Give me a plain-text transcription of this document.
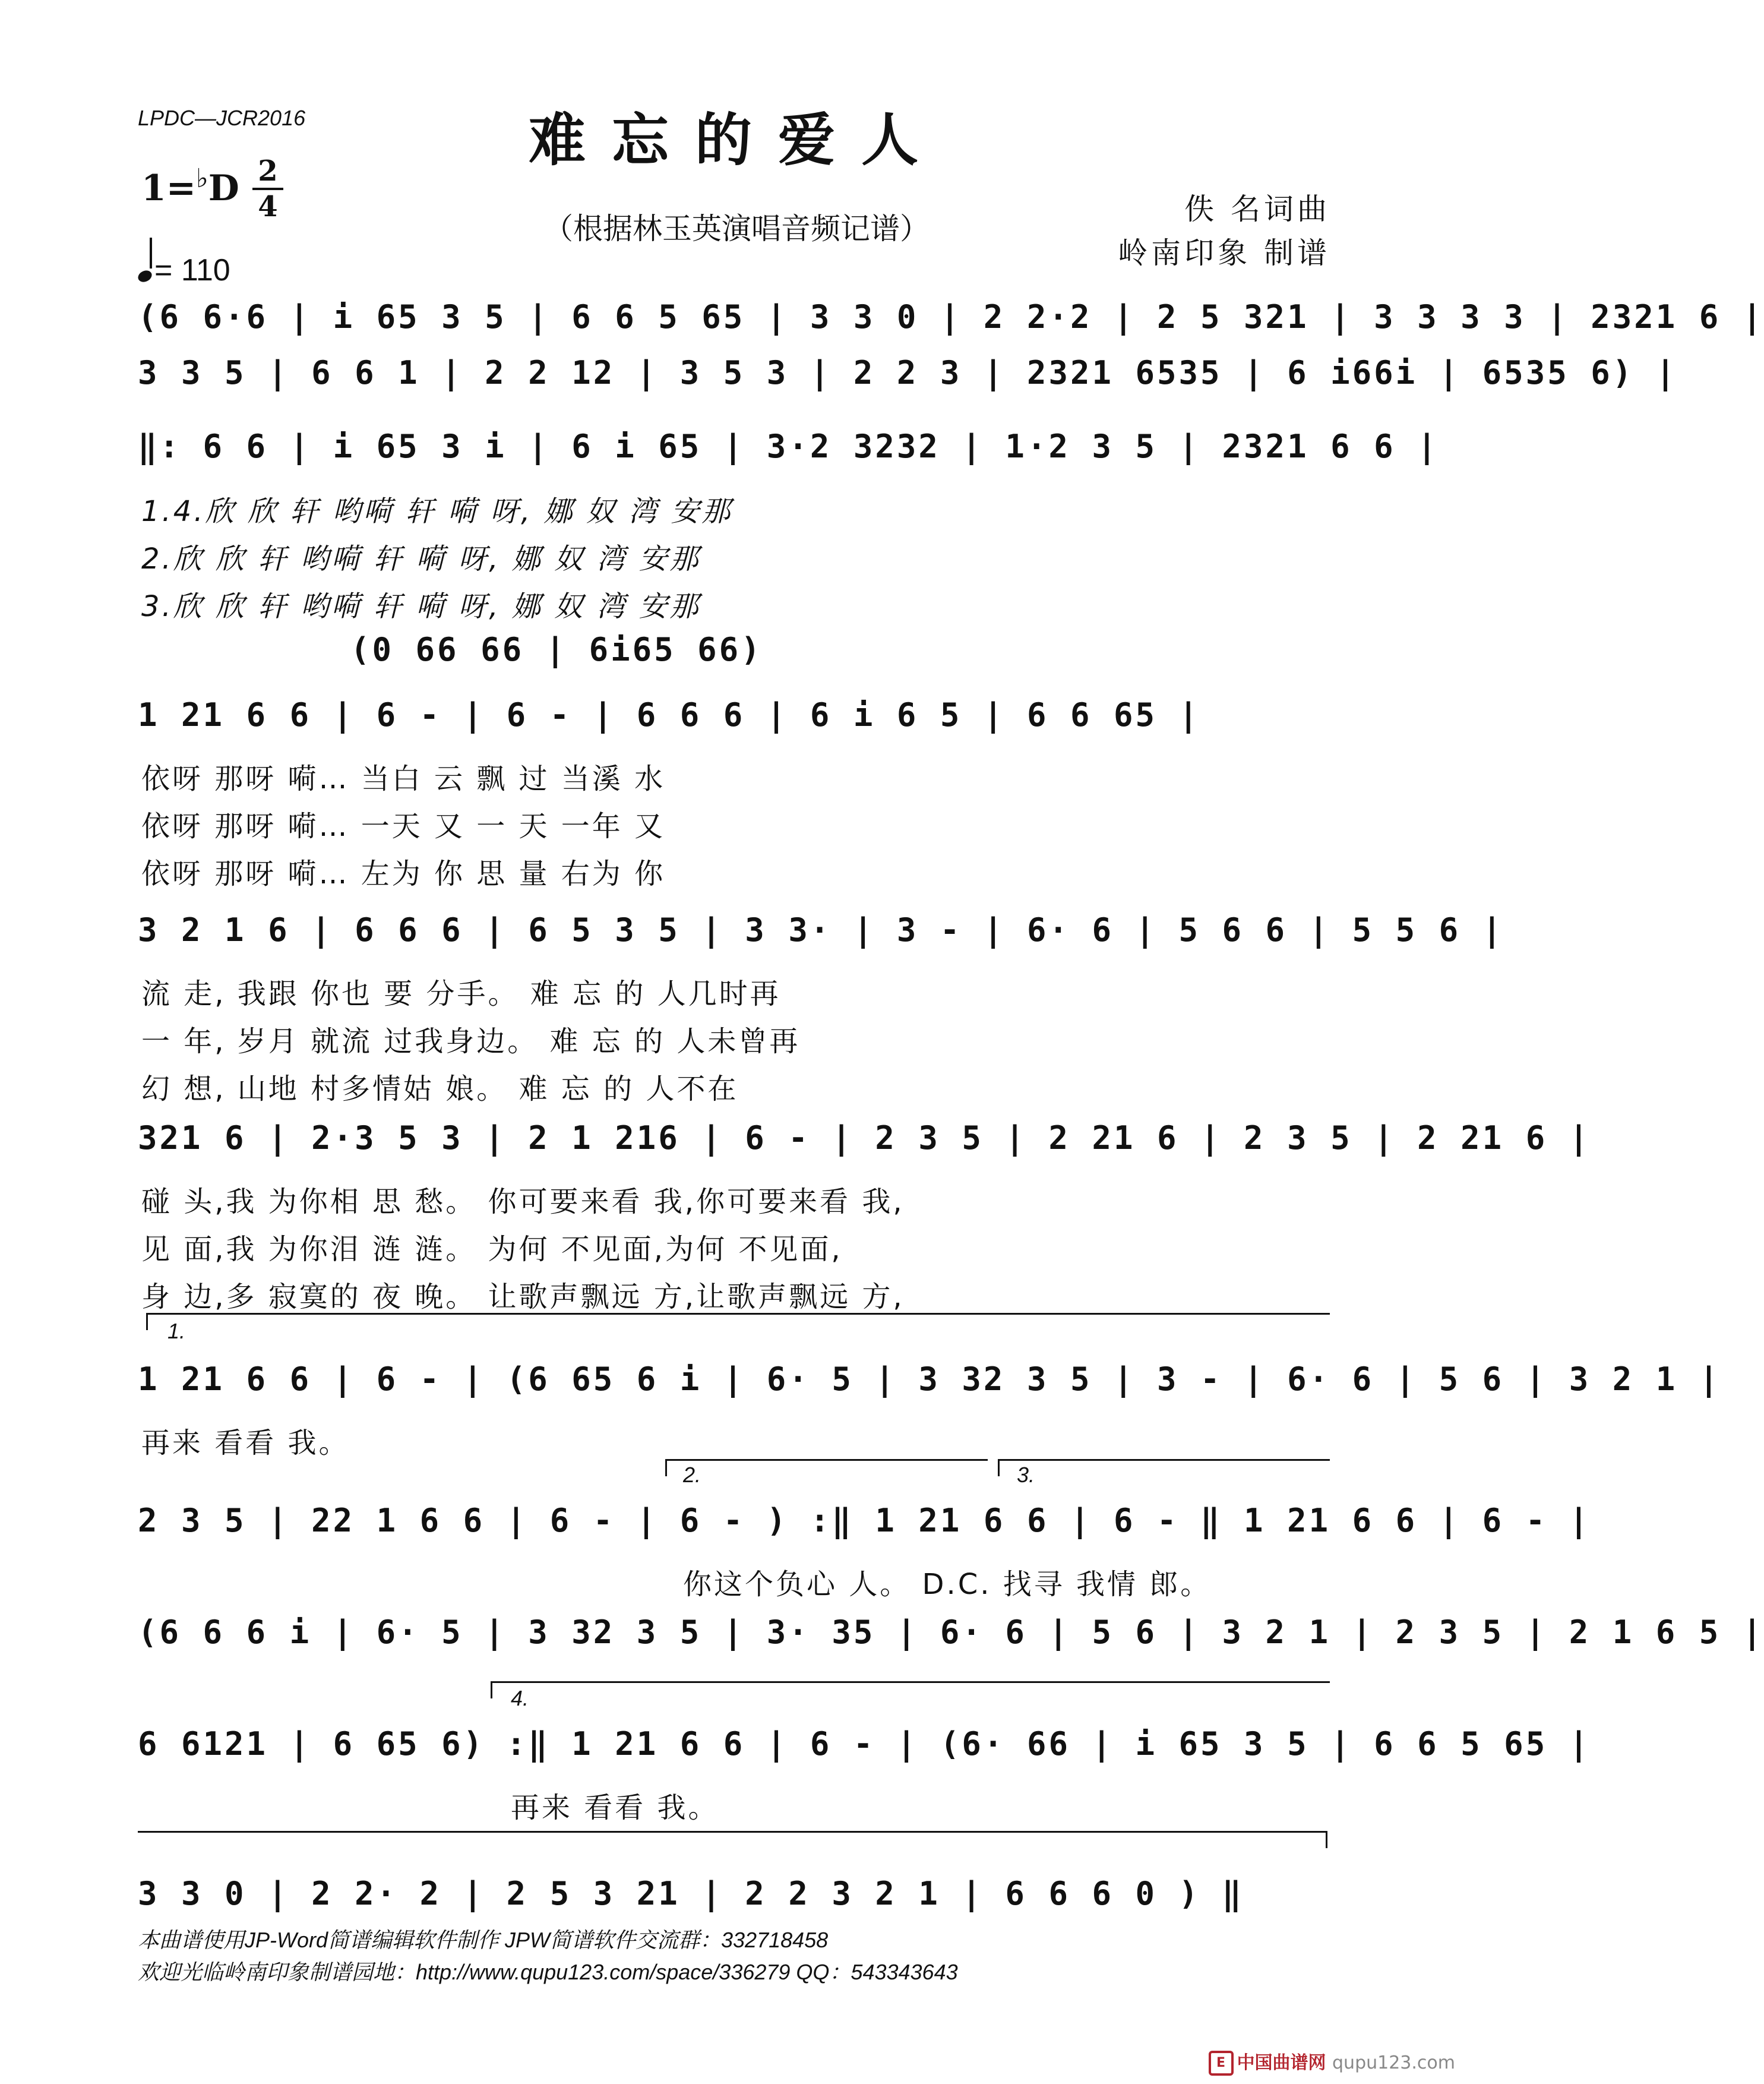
LPDC—JCR2016	难忘的爱人
1=♭D 2
4
（根据林玉英演唱音频记谱）
佚 名词曲
岭南印象 制谱
= 110
(6 6·6 | i 65 3 5 | 6 6 5 65 | 3 3 0 | 2 2·2 | 2 5 321 | 3 3 3 3 | 2321 6 |
3 3 5 | 6 6 1 | 2 2 12 | 3 5 3 | 2 2 3 | 2321 6535 | 6 i66i | 6535 6) |
‖: 6 6 | i 65 3 i | 6 i 65 | 3·2 3232 | 1·2 3 5 | 2321 6 6 |
1.4.欣 欣 轩 哟嗬 轩 嗬 呀, 娜 奴 湾 安那
2.欣 欣 轩 哟嗬 轩 嗬 呀, 娜 奴 湾 安那
3.欣 欣 轩 哟嗬 轩 嗬 呀, 娜 奴 湾 安那
(0 66 66 | 6i65 66)
1 21 6 6 | 6 - | 6 - | 6 6 6 | 6 i 6 5 | 6 6 65 |
依呀 那呀 嗬… 当白 云 飘 过 当溪 水
依呀 那呀 嗬… 一天 又 一 天 一年 又
依呀 那呀 嗬… 左为 你 思 量 右为 你
3 2 1 6 | 6 6 6 | 6 5 3 5 | 3 3· | 3 - | 6· 6 | 5 6 6 | 5 5 6 |
流 走, 我跟 你也 要 分手。 难 忘 的 人几时再
一 年, 岁月 就流 过我身边。 难 忘 的 人未曾再
幻 想, 山地 村多情姑 娘。 难 忘 的 人不在
321 6 | 2·3 5 3 | 2 1 216 | 6 - | 2 3 5 | 2 21 6 | 2 3 5 | 2 21 6 |
碰 头,我 为你相 思 愁。 你可要来看 我,你可要来看 我,
见 面,我 为你泪 涟 涟。 为何 不见面,为何 不见面,
身 边,多 寂寞的 夜 晚。 让歌声飘远 方,让歌声飘远 方,
1.
1 21 6 6 | 6 - | (6 65 6 i | 6· 5 | 3 32 3 5 | 3 - | 6· 6 | 5 6 | 3 2 1 |
再来 看看 我。
2.	3.
2 3 5 | 22 1 6 6 | 6 - | 6 - ) :‖ 1 21 6 6 | 6 - ‖ 1 21 6 6 | 6 - |
你这个负心 人。 D.C. 找寻 我情 郎。
(6 6 6 i | 6· 5 | 3 32 3 5 | 3· 35 | 6· 6 | 5 6 | 3 2 1 | 2 3 5 | 2 1 6 5 |
4.
6 6121 | 6 65 6) :‖ 1 21 6 6 | 6 - | (6· 66 | i 65 3 5 | 6 6 5 65 |
再来 看看 我。
3 3 0 | 2 2· 2 | 2 5 3 21 | 2 2 3 2 1 | 6 6 6 0 ) ‖
本曲谱使用JP-Word简谱编辑软件制作 JPW简谱软件交流群：332718458
欢迎光临岭南印象制谱园地：http://www.qupu123.com/space/336279 QQ：543343643
E 中国曲谱网 qupu123.com
